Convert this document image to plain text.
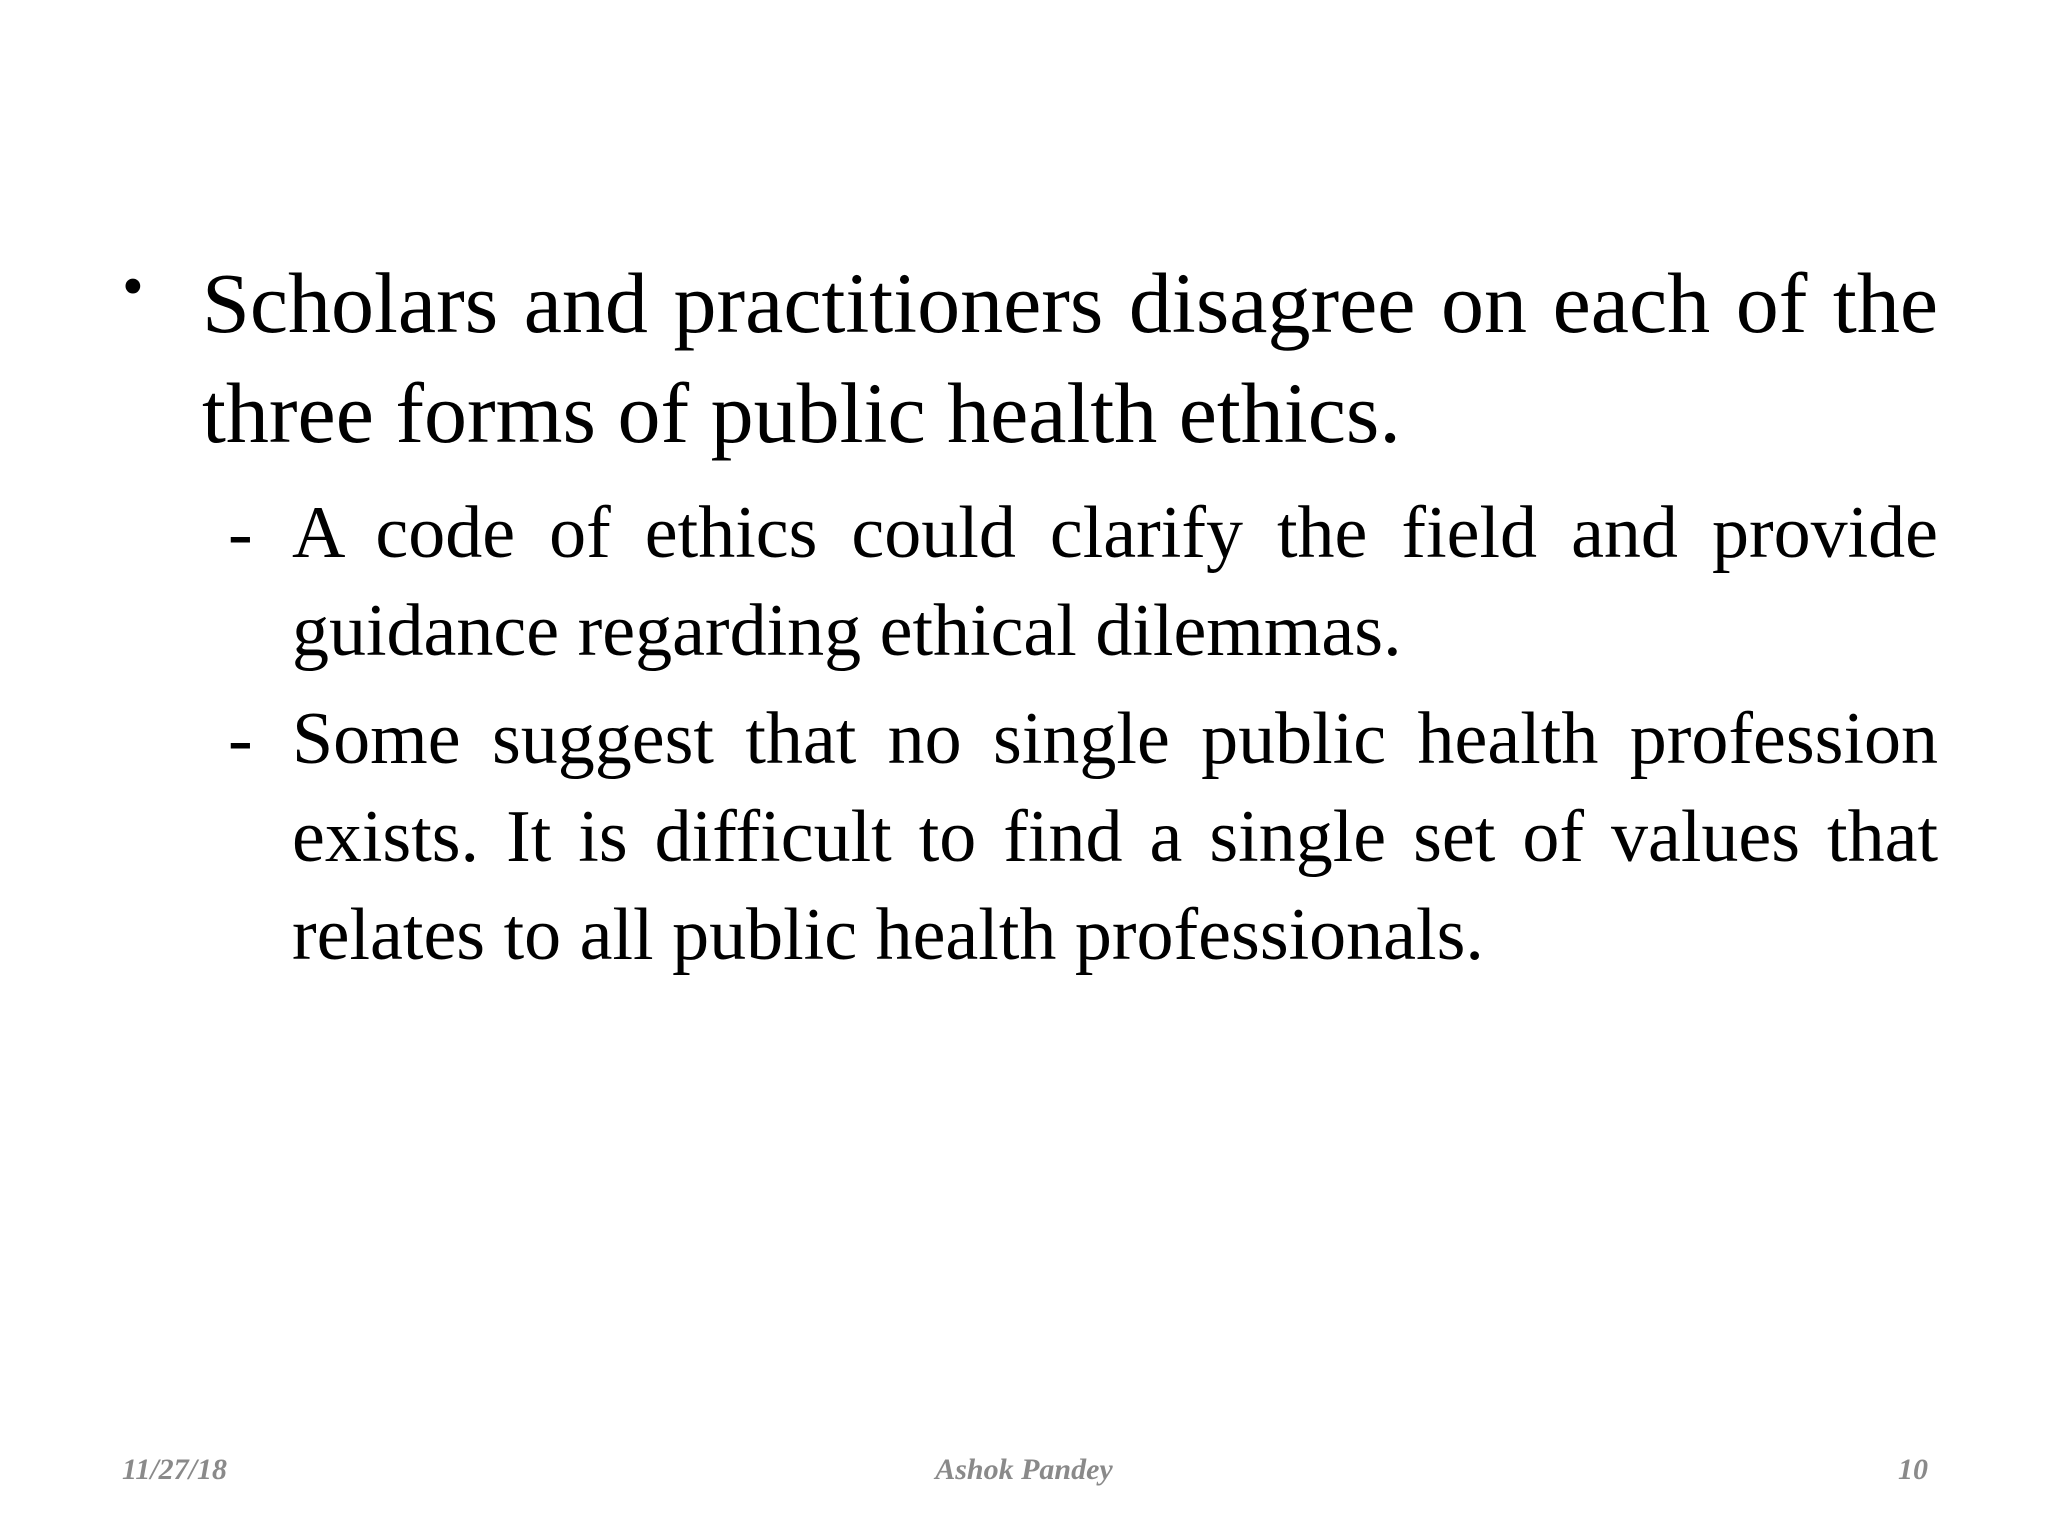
• Scholars and practitioners disagree on each of the three forms of public health ethics.
- A code of ethics could clarify the field and provide guidance regarding ethical dilemmas.
- Some suggest that no single public health profession exists. It is difficult to find a single set of values that relates to all public health professionals.
Ashok Pandey
11/27/18	10
